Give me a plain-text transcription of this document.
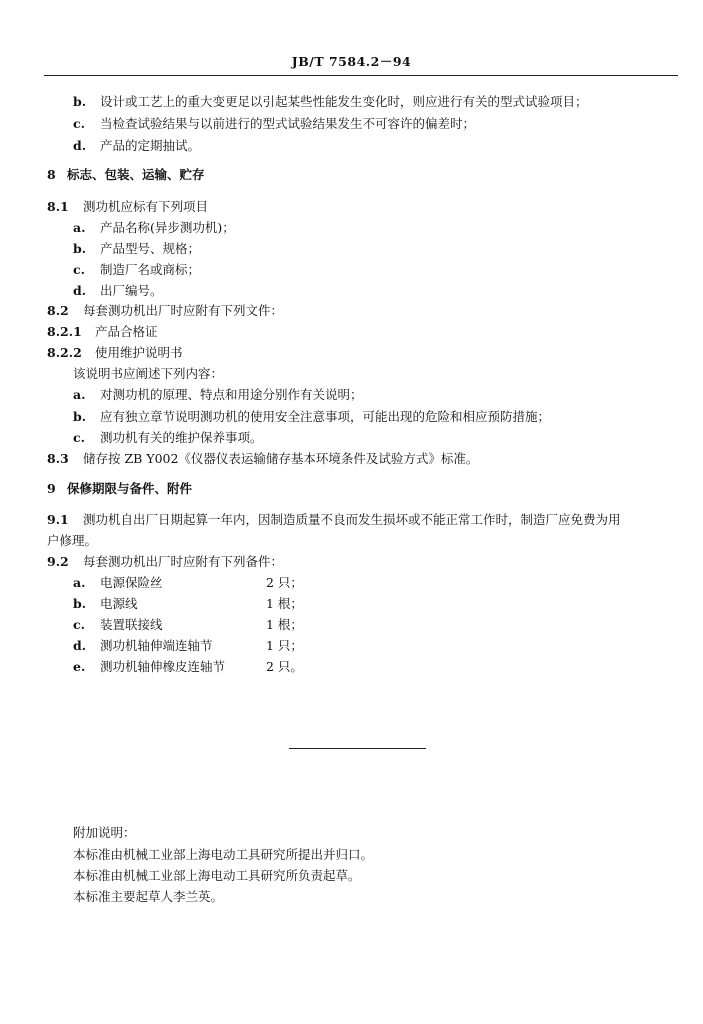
JB/T 7584.2－94
b. 设计或工艺上的重大变更足以引起某些性能发生变化时，则应进行有关的型式试验项目；
c. 当检查试验结果与以前进行的型式试验结果发生不可容许的偏差时；
d. 产品的定期抽试。
8 标志、包装、运输、贮存
8.1 测功机应标有下列项目
a. 产品名称(异步测功机)；
b. 产品型号、规格；
c. 制造厂名或商标；
d. 出厂编号。
8.2 每套测功机出厂时应附有下列文件：
8.2.1 产品合格证
8.2.2 使用维护说明书
该说明书应阐述下列内容：
a. 对测功机的原理、特点和用途分别作有关说明；
b. 应有独立章节说明测功机的使用安全注意事项，可能出现的危险和相应预防措施；
c. 测功机有关的维护保养事项。
8.3 储存按 ZB Y002《仪器仪表运输储存基本环境条件及试验方式》标准。
9 保修期限与备件、附件
9.1 测功机自出厂日期起算一年内，因制造质量不良而发生损坏或不能正常工作时，制造厂应免费为用
户修理。
9.2 每套测功机出厂时应附有下列备件：
a. 电源保险丝	2 只；
b. 电源线	1 根；
c. 装置联接线	1 根；
d. 测功机轴伸端连轴节	1 只；
e. 测功机轴伸橡皮连轴节	2 只。
附加说明：
本标准由机械工业部上海电动工具研究所提出并归口。
本标准由机械工业部上海电动工具研究所负责起草。
本标准主要起草人李兰英。
